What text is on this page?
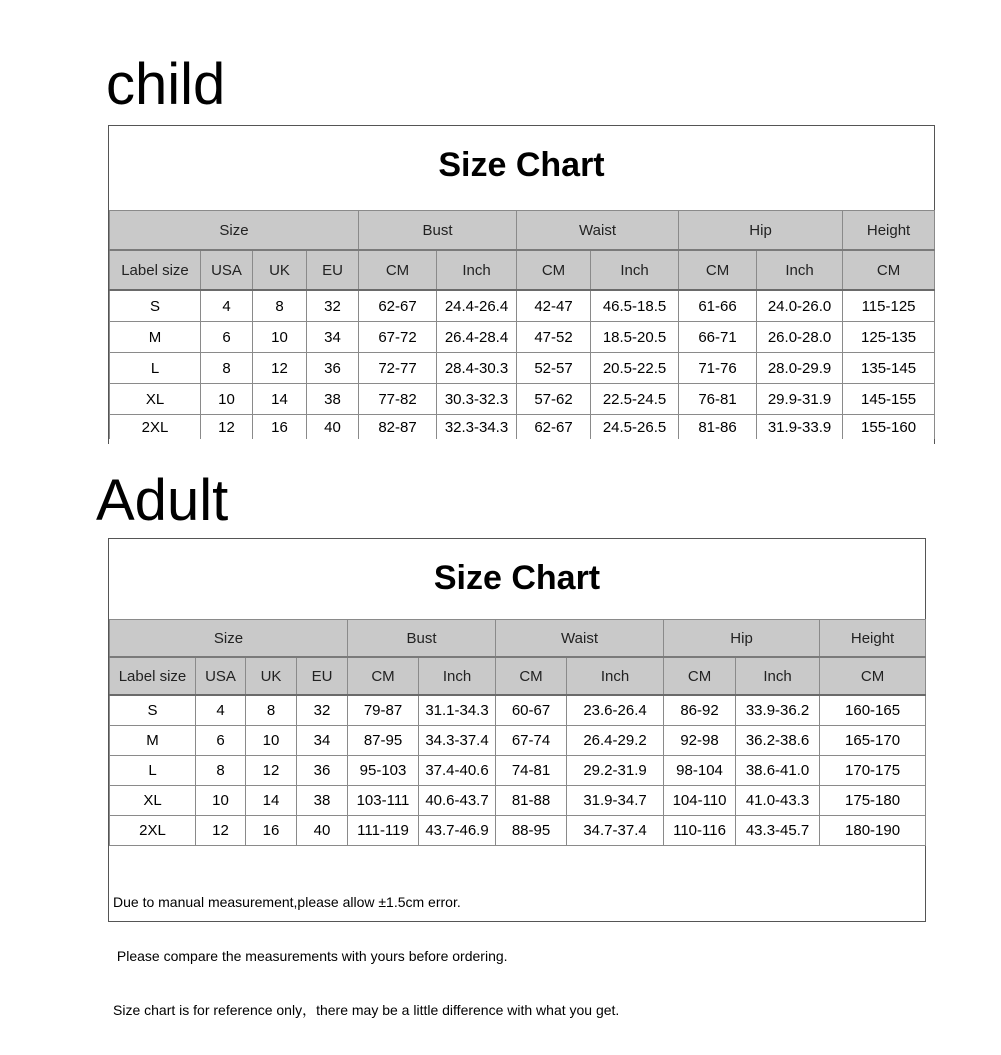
child
Size Chart
Size				Bust		Waist		Hip		Height
Label size	USA	UK	EU	CM	Inch	CM	Inch	CM	Inch	CM
S	4	8	32	62-67	24.4-26.4	42-47	46.5-18.5	61-66	24.0-26.0	115-125
M	6	10	34	67-72	26.4-28.4	47-52	18.5-20.5	66-71	26.0-28.0	125-135
L	8	12	36	72-77	28.4-30.3	52-57	20.5-22.5	71-76	28.0-29.9	135-145
XL	10	14	38	77-82	30.3-32.3	57-62	22.5-24.5	76-81	29.9-31.9	145-155
2XL	12	16	40	82-87	32.3-34.3	62-67	24.5-26.5	81-86	31.9-33.9	155-160
Adult
Size Chart
Size				Bust		Waist		Hip		Height
Label size	USA	UK	EU	CM	Inch	CM	Inch	CM	Inch	CM
S	4	8	32	79-87	31.1-34.3	60-67	23.6-26.4	86-92	33.9-36.2	160-165
M	6	10	34	87-95	34.3-37.4	67-74	26.4-29.2	92-98	36.2-38.6	165-170
L	8	12	36	95-103	37.4-40.6	74-81	29.2-31.9	98-104	38.6-41.0	170-175
XL	10	14	38	103-111	40.6-43.7	81-88	31.9-34.7	104-110	41.0-43.3	175-180
2XL	12	16	40	111-119	43.7-46.9	88-95	34.7-37.4	110-116	43.3-45.7	180-190

Due to manual measurement,please allow ±1.5cm error.

Please compare the measurements with yours before ordering.

Size chart is for reference only，there may be a little difference with what you get.
